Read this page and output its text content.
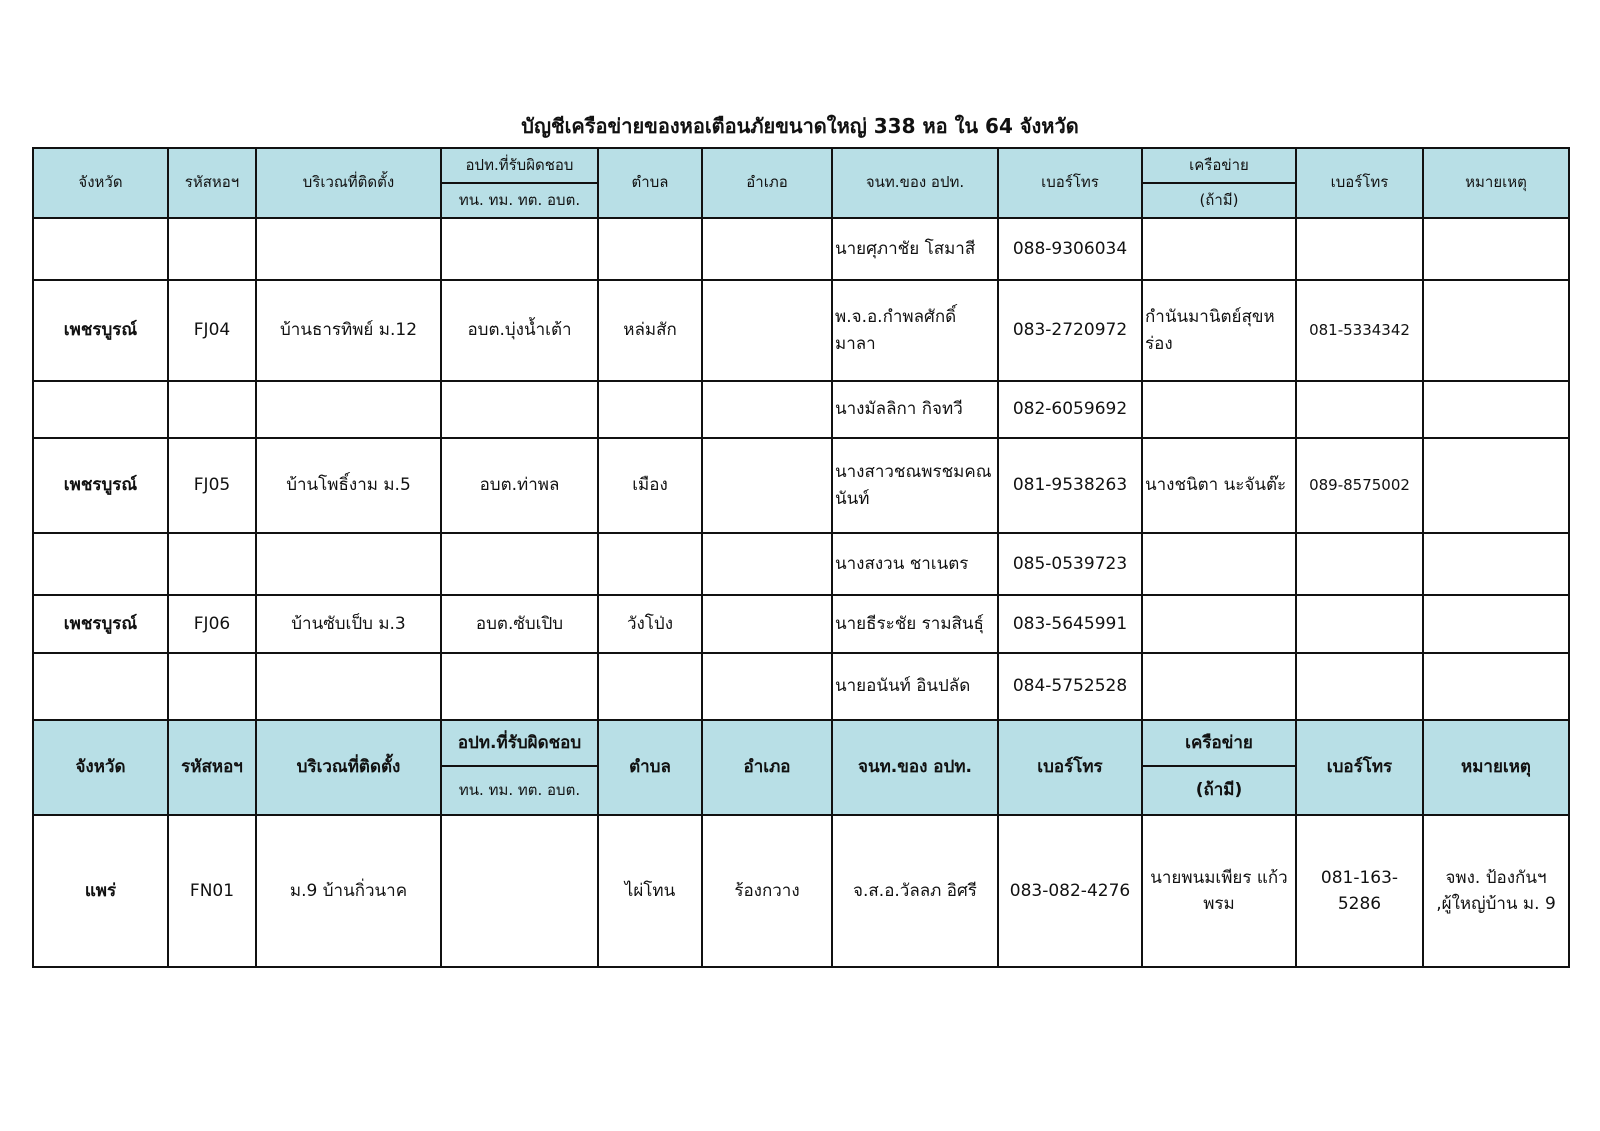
บัญชีเครือข่ายของหอเตือนภัยขนาดใหญ่ 338 หอ ใน 64 จังหวัด
จังหวัด	รหัสหอฯ	บริเวณที่ติดตั้ง	อปท.ที่รับผิดชอบ	ตำบล	อำเภอ	จนท.ของ อปท.	เบอร์โทร	เครือข่าย	เบอร์โทร	หมายเหตุ
			ทน. ทม. ทต. อบต.					(ถ้ามี)		
						นายศุภาชัย โสมาสี	088-9306034			
เพชรบูรณ์	FJ04	บ้านธารทิพย์ ม.12	อบต.บุ่งน้ำเต้า	หล่มสัก		พ.จ.อ.กำพลศักดิ์มาลา	083-2720972	กำนันมานิตย์สุขหร่อง	081-5334342	
						นางมัลลิกา กิจทวี	082-6059692			
เพชรบูรณ์	FJ05	บ้านโพธิ์งาม ม.5	อบต.ท่าพล	เมือง		นางสาวชณพรชมคณนันท์	081-9538263	นางชนิตา นะจันต๊ะ	089-8575002	
						นางสงวน ชาเนตร	085-0539723			
เพชรบูรณ์	FJ06	บ้านซับเป็บ ม.3	อบต.ซับเปิบ	วังโป่ง		นายธีระชัย รามสินธุ์	083-5645991			
						นายอนันท์ อินปลัด	084-5752528			
จังหวัด	รหัสหอฯ	บริเวณที่ติดตั้ง	อปท.ที่รับผิดชอบ	ตำบล	อำเภอ	จนท.ของ อปท.	เบอร์โทร	เครือข่าย	เบอร์โทร	หมายเหตุ
			ทน. ทม. ทต. อบต.					(ถ้ามี)		
แพร่	FN01	ม.9 บ้านกิ่วนาค		ไผ่โทน	ร้องกวาง	จ.ส.อ.วัลลภ อิศรี	083-082-4276	นายพนมเพียร แก้วพรม	081-163-5286	จพง. ป้องกันฯ ,ผู้ใหญ่บ้าน ม. 9
